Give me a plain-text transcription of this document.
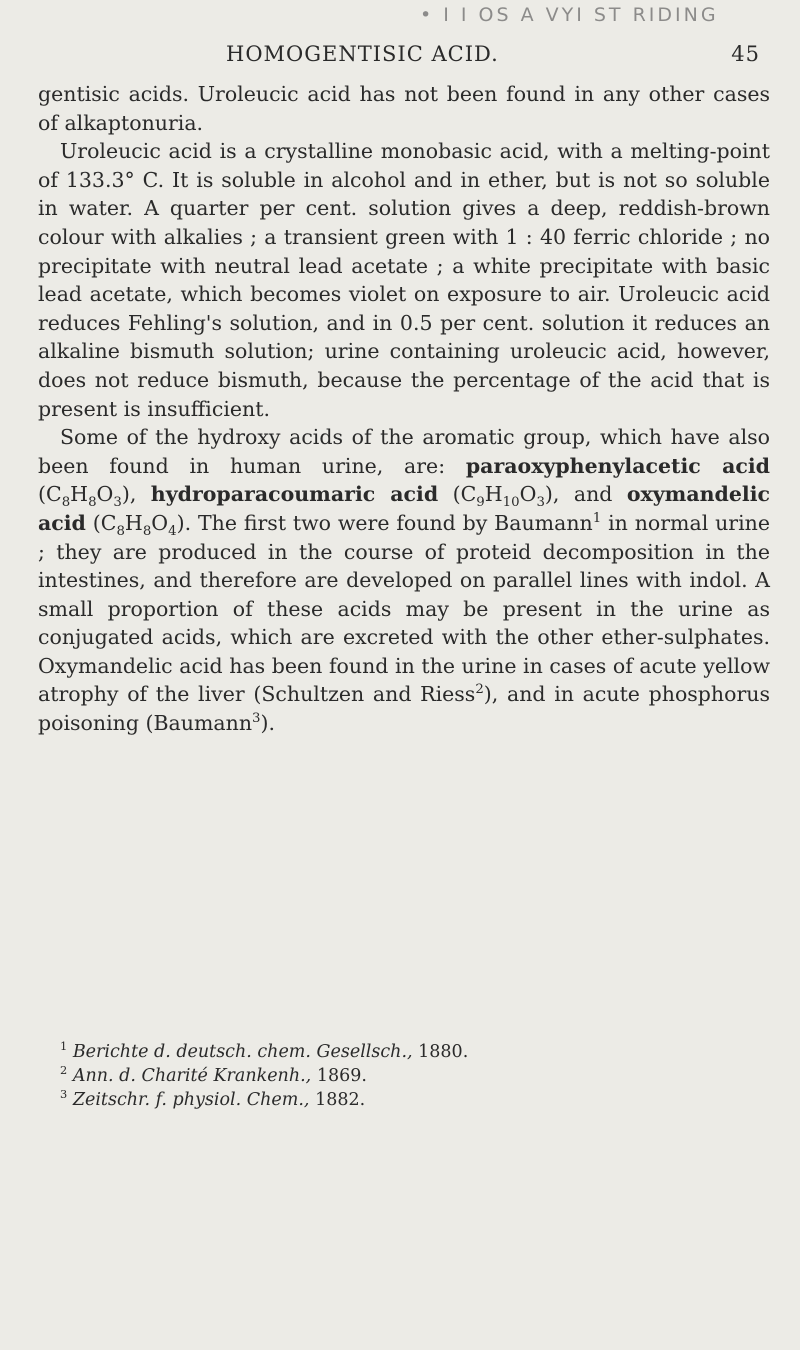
• I I OS A VYI ST RIDING
HOMOGENTISIC ACID.	45

gentisic acids. Uroleucic acid has not been found in any other cases of alkaptonuria.

Uroleucic acid is a crystalline monobasic acid, with a melting-point of 133.3° C. It is soluble in alcohol and in ether, but is not so soluble in water. A quarter per cent. solution gives a deep, reddish-brown colour with alkalies ; a transient green with 1 : 40 ferric chloride ; no precipitate with neutral lead acetate ; a white precipitate with basic lead acetate, which becomes violet on exposure to air. Uroleucic acid reduces Fehling's solution, and in 0.5 per cent. solution it reduces an alkaline bismuth solution; urine containing uroleucic acid, however, does not reduce bismuth, because the percentage of the acid that is present is insufficient.

Some of the hydroxy acids of the aromatic group, which have also been found in human urine, are: paraoxyphenylacetic acid $(C_8H_8O_3)$, hydroparacoumaric acid $(C_9H_{10}O_3)$, and oxymandelic acid $(C_8H_8O_4)$. The first two were found by Baumann$^1$ in normal urine ; they are produced in the course of proteid decomposition in the intestines, and therefore are developed on parallel lines with indol. A small proportion of these acids may be present in the urine as conjugated acids, which are excreted with the other ether-sulphates. Oxymandelic acid has been found in the urine in cases of acute yellow atrophy of the liver (Schultzen and Riess$^2$), and in acute phosphorus poisoning (Baumann$^3$).

$^1$ Berichte d. deutsch. chem. Gesellsch., 1880.
$^2$ Ann. d. Charité Krankenh., 1869.
$^3$ Zeitschr. f. physiol. Chem., 1882.
